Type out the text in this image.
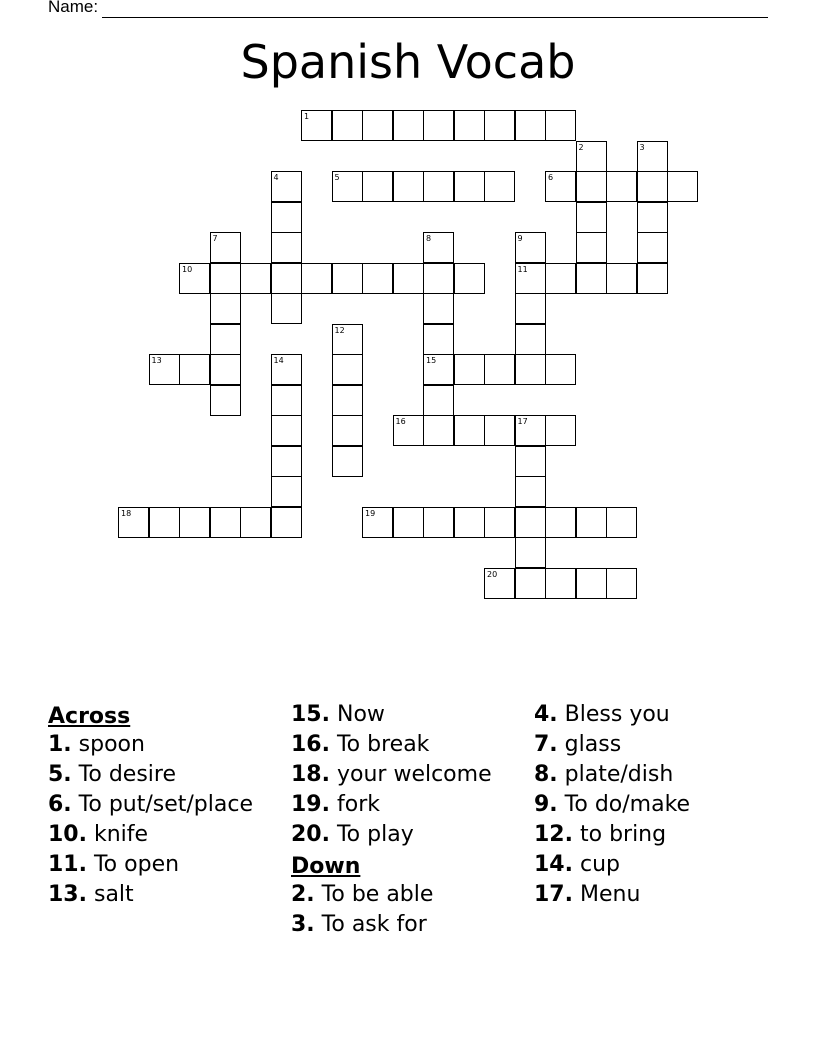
Name:
Spanish Vocab
1
2	3
4	5	6
7	8
15
9
11
10
12
13	14
16	17
18	19
20
Across
1. spoon
5. To desire
6. To put/set/place
10. knife
11. To open
13. salt
15. Now
16. To break
18. your welcome
19. fork
20. To play
Down
2. To be able
3. To ask for
4. Bless you
7. glass
8. plate/dish
9. To do/make
12. to bring
14. cup
17. Menu
